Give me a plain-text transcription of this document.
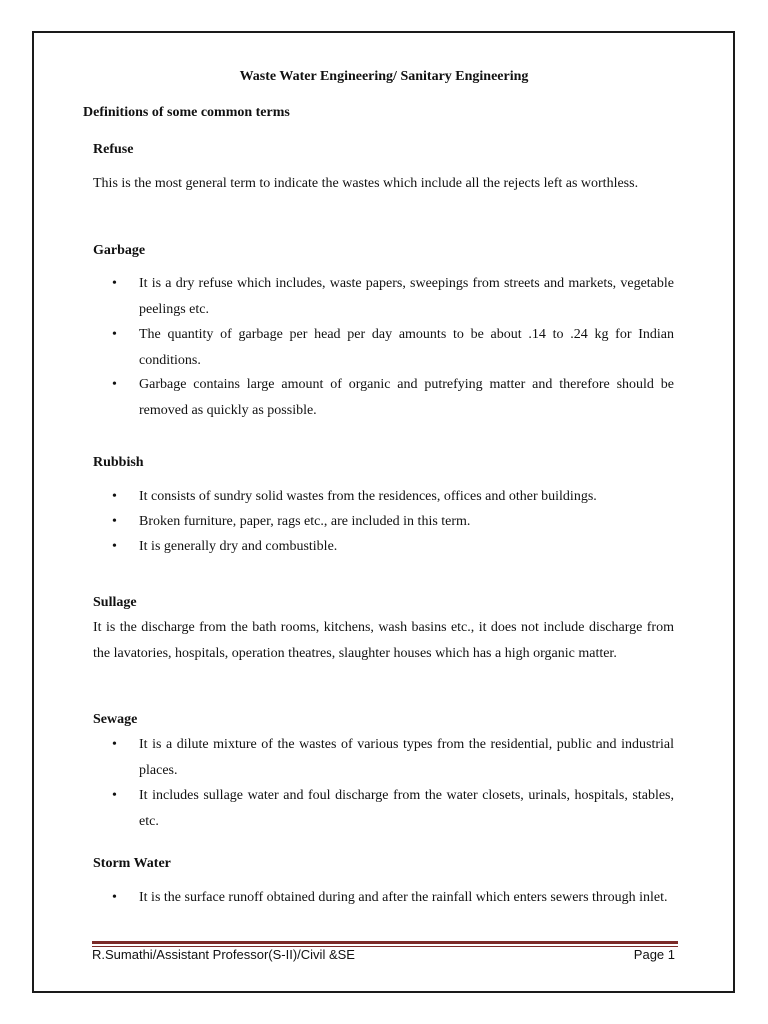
Waste Water Engineering/ Sanitary Engineering
Definitions of some common terms
Refuse
This is the most general term to indicate the wastes which include all the rejects left as worthless.
Garbage
•	It is a dry refuse which includes, waste papers, sweepings from streets and markets, vegetable peelings etc.
•	The quantity of garbage per head per day amounts to be about .14 to .24 kg for Indian conditions.
•	Garbage contains large amount of organic and putrefying matter and therefore should be removed as quickly as possible.
Rubbish
•	It consists of sundry solid wastes from the residences, offices and other buildings.
•	Broken furniture, paper, rags etc., are included in this term.
•	It is generally dry and combustible.
Sullage
It is the discharge from the bath rooms, kitchens, wash basins etc., it does not include discharge from the lavatories, hospitals, operation theatres, slaughter houses which has a high organic matter.
Sewage
•	It is a dilute mixture of the wastes of various types from the residential, public and industrial places.
•	It includes sullage water and foul discharge from the water closets, urinals, hospitals, stables, etc.
Storm Water
•	It is the surface runoff obtained during and after the rainfall which enters sewers through inlet.
R.Sumathi/Assistant Professor(S-II)/Civil &SE	Page 1
